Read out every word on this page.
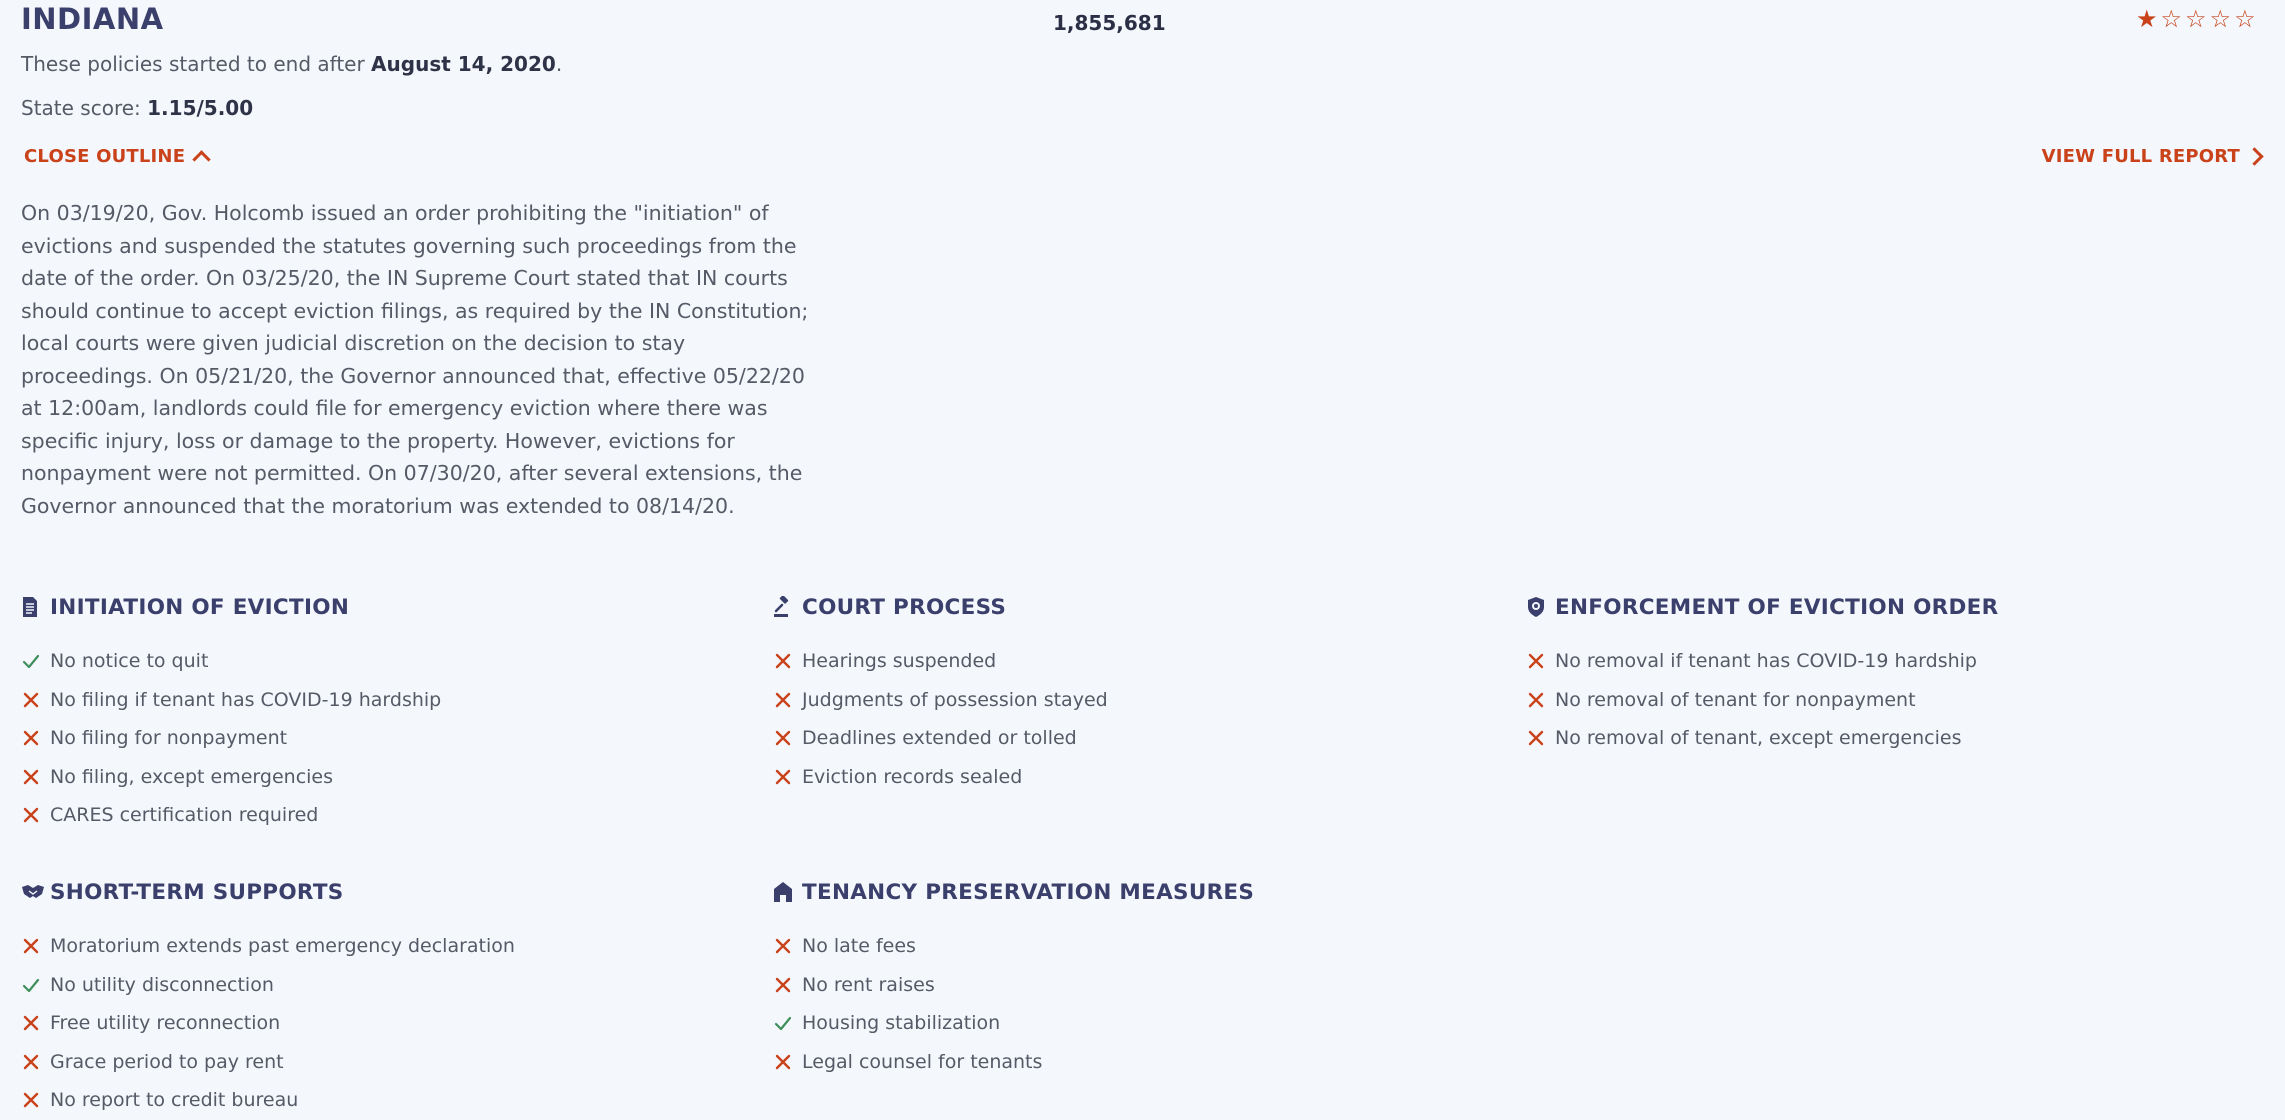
INDIANA	1,855,681	★ ☆ ☆ ☆ ☆
These policies started to end after August 14, 2020.
State score: 1.15/5.00
CLOSE OUTLINE	VIEW FULL REPORT
On 03/19/20, Gov. Holcomb issued an order prohibiting the "initiation" of evictions and suspended the statutes governing such proceedings from the date of the order. On 03/25/20, the IN Supreme Court stated that IN courts should continue to accept eviction filings, as required by the IN Constitution; local courts were given judicial discretion on the decision to stay proceedings. On 05/21/20, the Governor announced that, effective 05/22/20 at 12:00am, landlords could file for emergency eviction where there was specific injury, loss or damage to the property. However, evictions for nonpayment were not permitted. On 07/30/20, after several extensions, the Governor announced that the moratorium was extended to 08/14/20.
INITIATION OF EVICTION
No notice to quit
No filing if tenant has COVID-19 hardship
No filing for nonpayment
No filing, except emergencies
CARES certification required
COURT PROCESS
Hearings suspended
Judgments of possession stayed
Deadlines extended or tolled
Eviction records sealed
ENFORCEMENT OF EVICTION ORDER
No removal if tenant has COVID-19 hardship
No removal of tenant for nonpayment
No removal of tenant, except emergencies
SHORT-TERM SUPPORTS
Moratorium extends past emergency declaration
No utility disconnection
Free utility reconnection
Grace period to pay rent
No report to credit bureau
TENANCY PRESERVATION MEASURES
No late fees
No rent raises
Housing stabilization
Legal counsel for tenants
